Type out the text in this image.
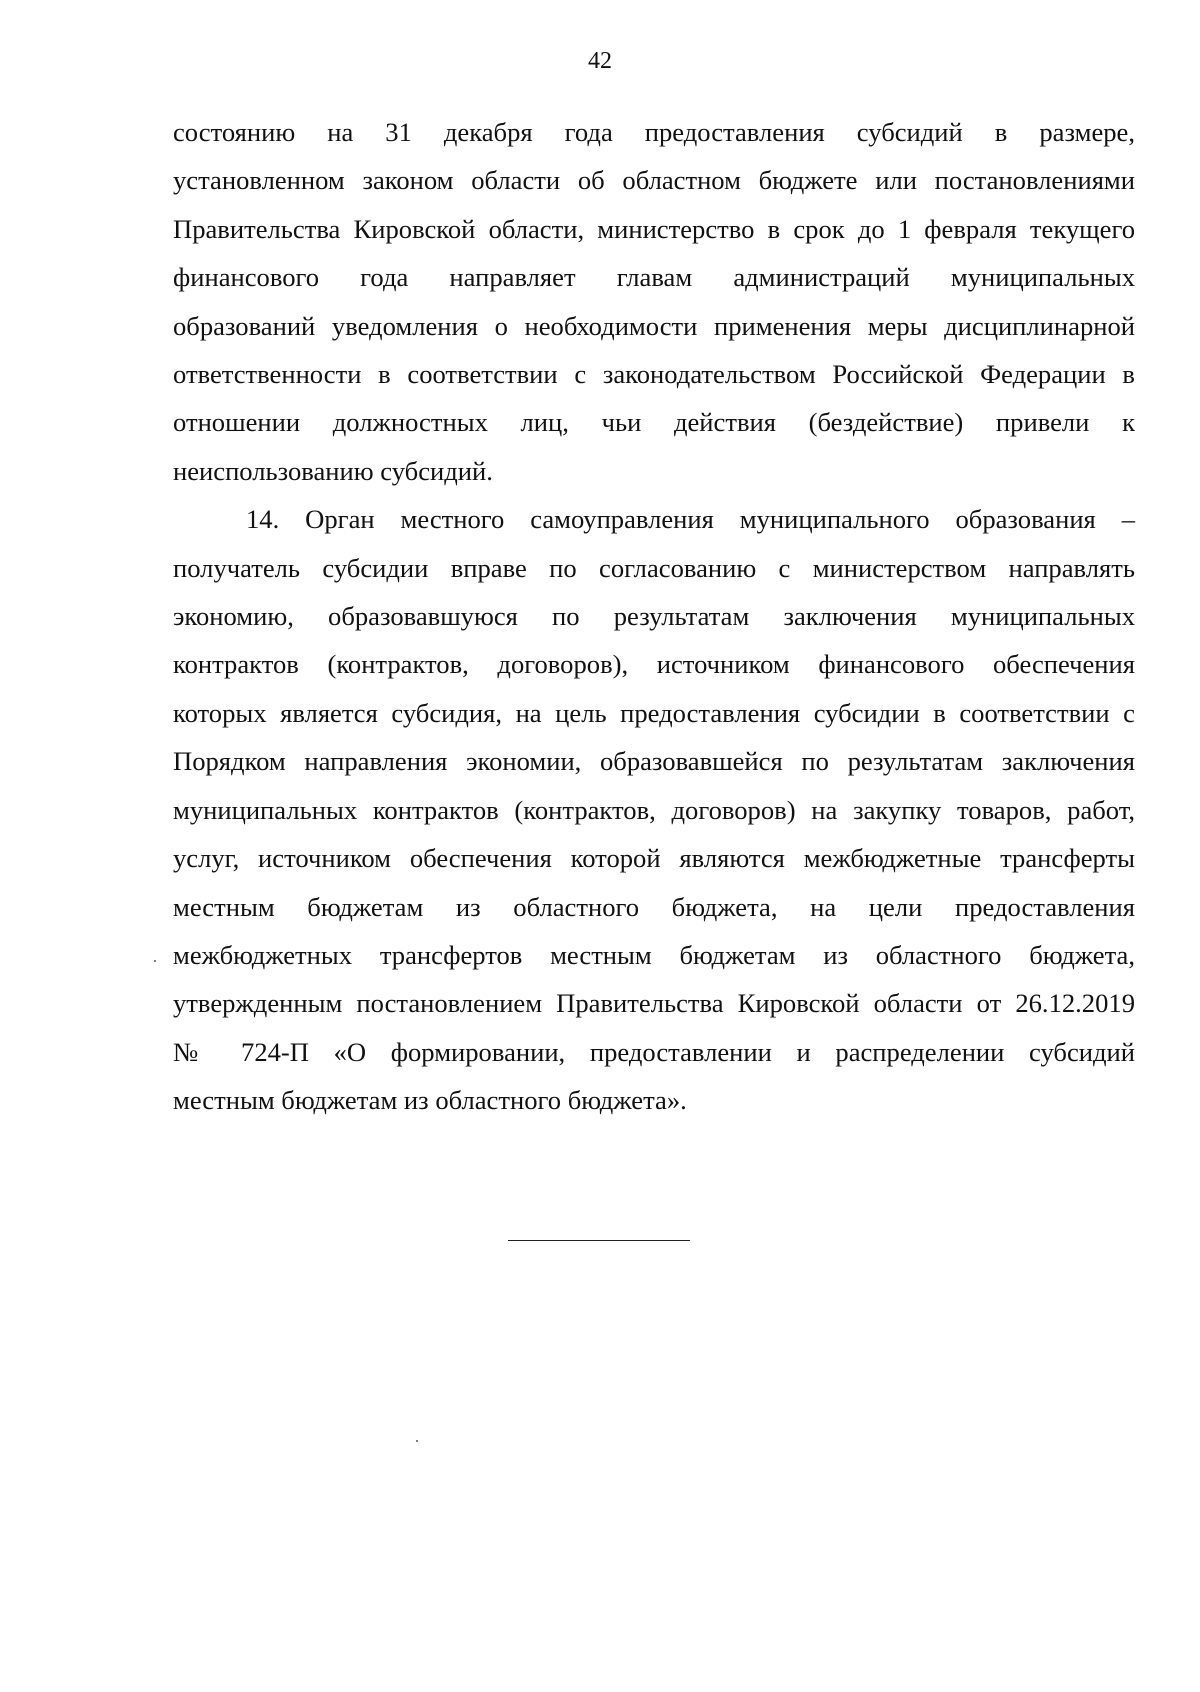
42
состоянию на 31 декабря года предоставления субсидий в размере,
установленном законом области об областном бюджете или постановлениями
Правительства Кировской области, министерство в срок до 1 февраля текущего
финансового года направляет главам администраций муниципальных
образований уведомления о необходимости применения меры дисциплинарной
ответственности в соответствии с законодательством Российской Федерации в
отношении должностных лиц, чьи действия (бездействие) привели к
неиспользованию субсидий.
14. Орган местного самоуправления муниципального образования –
получатель субсидии вправе по согласованию с министерством направлять
экономию, образовавшуюся по результатам заключения муниципальных
контрактов (контрактов, договоров), источником финансового обеспечения
которых является субсидия, на цель предоставления субсидии в соответствии с
Порядком направления экономии, образовавшейся по результатам заключения
муниципальных контрактов (контрактов, договоров) на закупку товаров, работ,
услуг, источником обеспечения которой являются межбюджетные трансферты
местным бюджетам из областного бюджета, на цели предоставления
межбюджетных трансфертов местным бюджетам из областного бюджета,
утвержденным постановлением Правительства Кировской области от 26.12.2019
№ 724-П «О формировании, предоставлении и распределении субсидий
местным бюджетам из областного бюджета».
